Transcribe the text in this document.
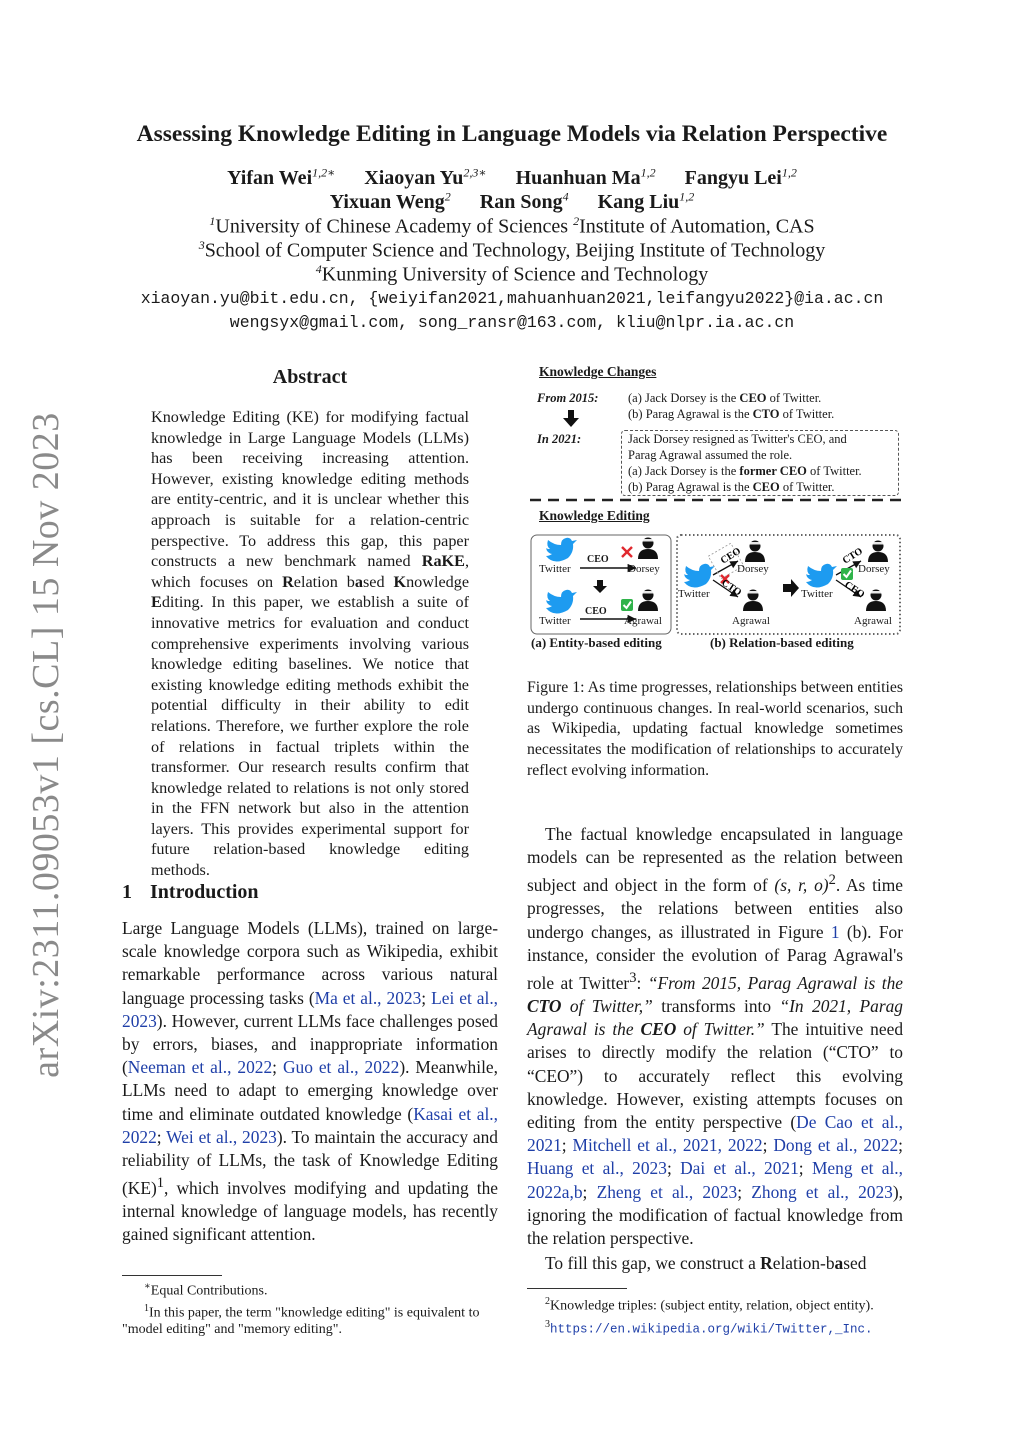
arXiv:2311.09053v1 [cs.CL] 15 Nov 2023
Assessing Knowledge Editing in Language Models via Relation Perspective
Yifan Wei$^{1,2∗}$ Xiaoyan $Yu^{2,3∗}$ Huanhuan Ma$^{1,2}$ Fangyu Lei$^{1,2}$
Yixuan Weng$^2$ Ran Song$^4$ Kang Liu$^{1,2}$
$^1$University of Chinese Academy of Sciences $^2$Institute of Automation, CAS
$^3$School of Computer Science and Technology, Beijing Institute of Technology
$^4$Kunming University of Science and Technology
xiaoyan.yu@bit.edu.cn, {weiyifan2021,mahuanhuan2021,leifangyu2022}@ia.ac.cn
wengsyx@gmail.com, song_ransr@163.com, kliu@nlpr.ia.ac.cn
Abstract
Knowledge Editing (KE) for modifying factual knowledge in Large Language Models (LLMs) has been receiving increasing attention. However, existing knowledge editing methods are entity-centric, and it is unclear whether this approach is suitable for a relation-centric perspective. To address this gap, this paper constructs a new benchmark named RaKE, which focuses on Relation based Knowledge Editing. In this paper, we establish a suite of innovative metrics for evaluation and conduct comprehensive experiments involving various knowledge editing baselines. We notice that existing knowledge editing methods exhibit the potential difficulty in their ability to edit relations. Therefore, we further explore the role of relations in factual triplets within the transformer. Our research results confirm that knowledge related to relations is not only stored in the FFN network but also in the attention layers. This provides experimental support for future relation-based knowledge editing methods.
1 Introduction

Large Language Models (LLMs), trained on large-scale knowledge corpora such as Wikipedia, exhibit remarkable performance across various natural language processing tasks (Ma et al., 2023; Lei et al., 2023). However, current LLMs face challenges posed by errors, biases, and inappropriate information (Neeman et al., 2022; Guo et al., 2022). Meanwhile, LLMs need to adapt to emerging knowledge over time and eliminate outdated knowledge (Kasai et al., 2022; Wei et al., 2023). To maintain the accuracy and reliability of LLMs, the task of Knowledge Editing (KE)$^1$, which involves modifying and updating the internal knowledge of language models, has recently gained significant attention.

∗Equal Contributions.

$^1$In this paper, the term "knowledge editing" is equivalent to "model editing" and "memory editing".

CEO
CTO
CTO
CEO
Knowledge Changes
From 2015: (a) Jack Dorsey is the CEO of Twitter.
(b) Parag Agrawal is the CTO of Twitter.
In 2021:	Jack Dorsey resigned as Twitter's CEO, and
Parag Agrawal assumed the role.
(a) Jack Dorsey is the former CEO of Twitter.
(b) Parag Agrawal is the CEO of Twitter.
Knowledge Editing
Twitter
CEO
Dorsey
Twitter
CEO
Agrawal
Twitter
Dorsey
Agrawal
Twitter
Dorsey
Agrawal
(a) Entity-based editing	(b) Relation-based editing
Figure 1: As time progresses, relationships between entities undergo continuous changes. In real-world scenarios, such as Wikipedia, updating factual knowledge sometimes necessitates the modification of relationships to accurately reflect evolving information.

The factual knowledge encapsulated in language models can be represented as the relation between subject and object in the form of (s, r, o)$^2$. As time progresses, the relations between entities also undergo changes, as illustrated in Figure 1 (b). For instance, consider the evolution of Parag Agrawal's role at Twitter$^3$: “From 2015, Parag Agrawal is the CTO of Twitter,” transforms into “In 2021, Parag Agrawal is the CEO of Twitter.” The intuitive need arises to directly modify the relation (“CTO” to “CEO”) to accurately reflect this evolving knowledge. However, existing attempts focuses on editing from the entity perspective (De Cao et al., 2021; Mitchell et al., 2021, 2022; Dong et al., 2022; Huang et al., 2023; Dai et al., 2021; Meng et al., 2022a,b; Zheng et al., 2023; Zhong et al., 2023), ignoring the modification of factual knowledge from the relation perspective.

To fill this gap, we construct a Relation-based

$^2$Knowledge triples: (subject entity, relation, object entity).

$^3$https://en.wikipedia.org/wiki/Twitter,_Inc.
